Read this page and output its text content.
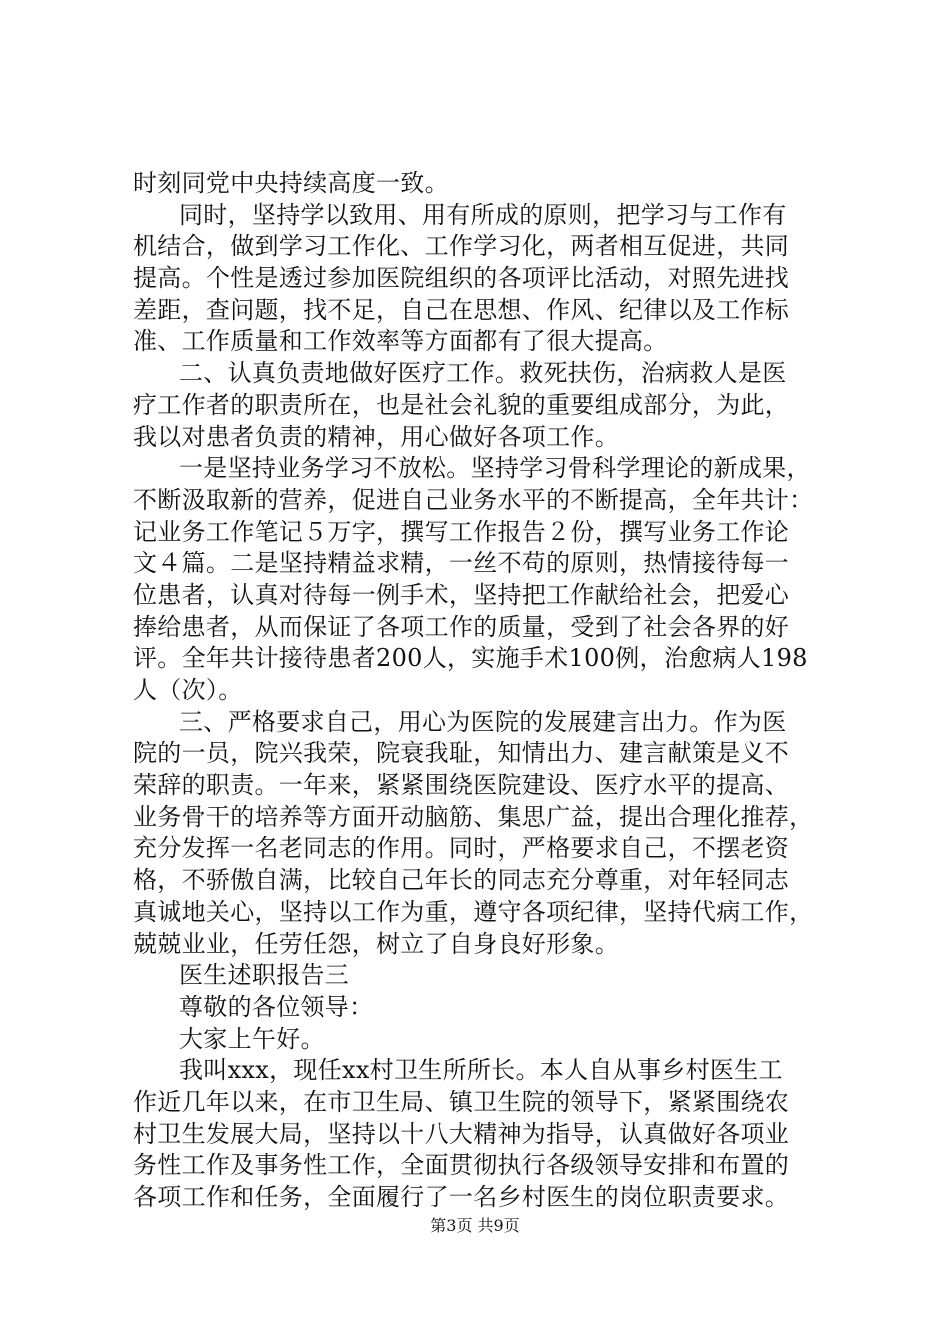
时刻同党中央持续高度一致。
同时，坚持学以致用、用有所成的原则，把学习与工作有
机结合，做到学习工作化、工作学习化，两者相互促进，共同
提高。个性是透过参加医院组织的各项评比活动，对照先进找
差距，查问题，找不足，自己在思想、作风、纪律以及工作标
准、工作质量和工作效率等方面都有了很大提高。
二、认真负责地做好医疗工作。救死扶伤，治病救人是医
疗工作者的职责所在，也是社会礼貌的重要组成部分，为此，
我以对患者负责的精神，用心做好各项工作。
一是坚持业务学习不放松。坚持学习骨科学理论的新成果，
不断汲取新的营养，促进自己业务水平的不断提高，全年共计：
记业务工作笔记５万字，撰写工作报告２份，撰写业务工作论
文４篇。二是坚持精益求精，一丝不苟的原则，热情接待每一
位患者，认真对待每一例手术，坚持把工作献给社会，把爱心
捧给患者，从而保证了各项工作的质量，受到了社会各界的好
评。全年共计接待患者200人，实施手术100例，治愈病人198
人（次）。
三、严格要求自己，用心为医院的发展建言出力。作为医
院的一员，院兴我荣，院衰我耻，知情出力、建言献策是义不
荣辞的职责。一年来，紧紧围绕医院建设、医疗水平的提高、
业务骨干的培养等方面开动脑筋、集思广益，提出合理化推荐，
充分发挥一名老同志的作用。同时，严格要求自己，不摆老资
格，不骄傲自满，比较自己年长的同志充分尊重，对年轻同志
真诚地关心，坚持以工作为重，遵守各项纪律，坚持代病工作，
兢兢业业，任劳任怨，树立了自身良好形象。
医生述职报告三
尊敬的各位领导：
大家上午好。
我叫xxx，现任xx村卫生所所长。本人自从事乡村医生工
作近几年以来，在市卫生局、镇卫生院的领导下，紧紧围绕农
村卫生发展大局，坚持以十八大精神为指导，认真做好各项业
务性工作及事务性工作，全面贯彻执行各级领导安排和布置的
各项工作和任务，全面履行了一名乡村医生的岗位职责要求。
第3页 共9页
